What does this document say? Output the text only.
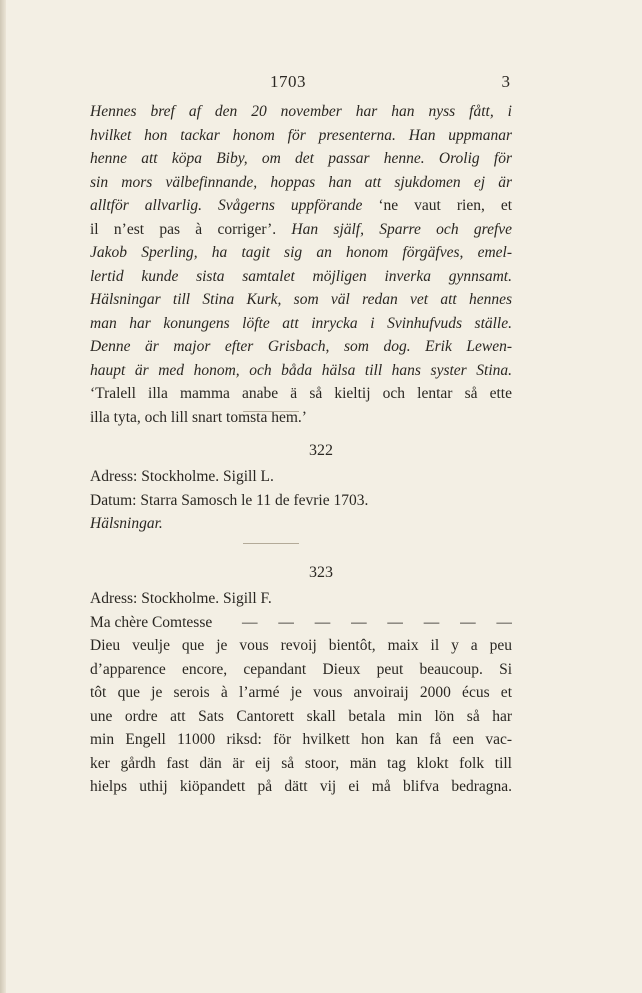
1703	3
Hennes bref af den 20 november har han nyss fått, i
hvilket hon tackar honom för presenterna. Han uppmanar
henne att köpa Biby, om det passar henne. Orolig för
sin mors välbefinnande, hoppas han att sjukdomen ej är
alltför allvarlig. Svågerns uppförande ‘ne vaut rien, et
il n’est pas à corriger’. Han själf, Sparre och grefve
Jakob Sperling, ha tagit sig an honom förgäfves, emel-
lertid kunde sista samtalet möjligen inverka gynnsamt.
Hälsningar till Stina Kurk, som väl redan vet att hennes
man har konungens löfte att inrycka i Svinhufvuds ställe.
Denne är major efter Grisbach, som dog. Erik Lewen-
haupt är med honom, och båda hälsa till hans syster Stina.
‘Tralell illa mamma anabe ä så kieltij och lentar så ette
illa tyta, och lill snart tomsta hem.’
322
Adress: Stockholme. Sigill L.
Datum: Starra Samosch le 11 de fevrie 1703.
Hälsningar.
323
Adress: Stockholme. Sigill F.
Ma chère Comtesse — — — — — — — —
Dieu veulje que je vous revoij bientôt, maix il y a peu
d’apparence encore, cepandant Dieux peut beaucoup. Si
tôt que je serois à l’armé je vous anvoiraij 2000 écus et
une ordre att Sats Cantorett skall betala min lön så har
min Engell 11000 riksd: för hvilkett hon kan få een vac-
ker gårdh fast dän är eij så stoor, män tag klokt folk till
hielps uthij kiöpandett på dätt vij ei må blifva bedragna.
